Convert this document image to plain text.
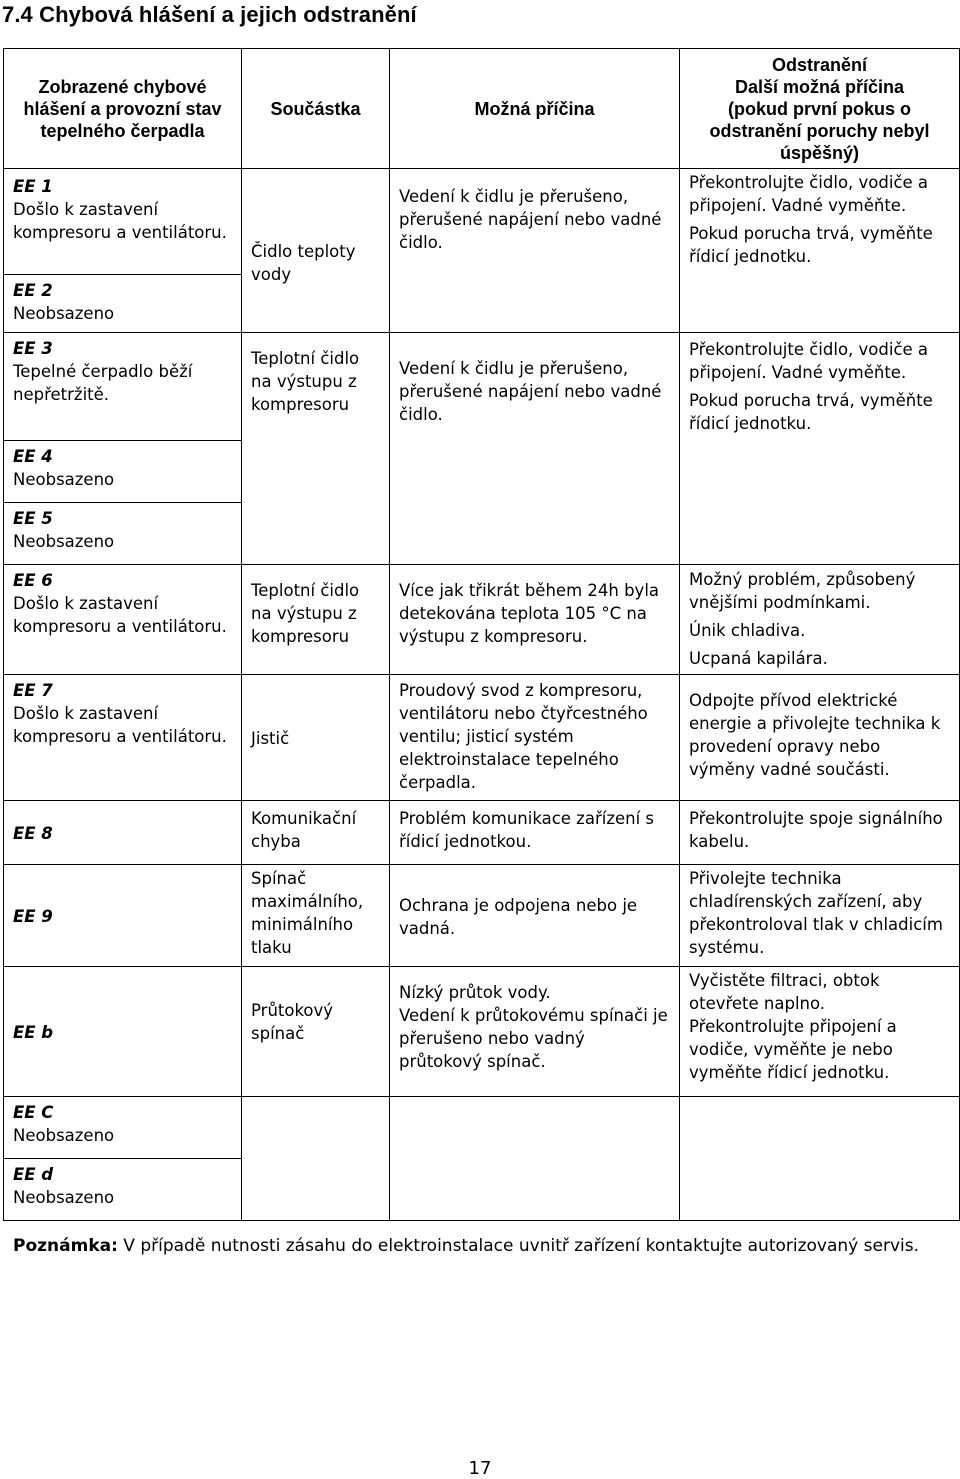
7.4 Chybová hlášení a jejich odstranění
Zobrazené chybové hlášení a provozní stav tepelného čerpadla	Součástka	Možná příčina	Odstranění
Další možná příčina
(pokud první pokus o odstranění poruchy nebyl úspěšný)

EE 1
Došlo k zastavení kompresoru a ventilátoru.	Čidlo teploty vody	Vedení k čidlu je přerušeno, přerušené napájení nebo vadné čidlo.	Překontrolujte čidlo, vodiče a připojení. Vadné vyměňte.
Pokud porucha trvá, vyměňte řídicí jednotku.

EE 2
Neobsazeno			

EE 3
Tepelné čerpadlo běží nepřetržitě.	Teplotní čidlo na výstupu z kompresoru	Vedení k čidlu je přerušeno, přerušené napájení nebo vadné čidlo.	Překontrolujte čidlo, vodiče a připojení. Vadné vyměňte.
Pokud porucha trvá, vyměňte řídicí jednotku.

EE 4
Neobsazeno			

EE 5
Neobsazeno			

EE 6
Došlo k zastavení kompresoru a ventilátoru.	Teplotní čidlo na výstupu z kompresoru	Více jak třikrát během 24h byla detekována teplota 105 °C na výstupu z kompresoru.	Možný problém, způsobený vnějšími podmínkami.
Únik chladiva.
Ucpaná kapilára.

EE 7
Došlo k zastavení kompresoru a ventilátoru.	Jistič	Proudový svod z kompresoru, ventilátoru nebo čtyřcestného ventilu; jisticí systém elektroinstalace tepelného čerpadla.	Odpojte přívod elektrické energie a přivolejte technika k provedení opravy nebo výměny vadné součásti.

EE 8	Komunikační chyba	Problém komunikace zařízení s řídicí jednotkou.	Překontrolujte spoje signálního kabelu.

EE 9	Spínač maximálního, minimálního tlaku	Ochrana je odpojena nebo je vadná.	Přivolejte technika chladírenských zařízení, aby překontroloval tlak v chladicím systému.

EE b	Průtokový spínač	Nízký průtok vody.
Vedení k průtokovému spínači je přerušeno nebo vadný průtokový spínač.	Vyčistěte filtraci, obtok otevřete naplno.
Překontrolujte připojení a vodiče, vyměňte je nebo vyměňte řídicí jednotku.

EE C
Neobsazeno			

EE d
Neobsazeno			
Poznámka: V případě nutnosti zásahu do elektroinstalace uvnitř zařízení kontaktujte autorizovaný servis.
17
